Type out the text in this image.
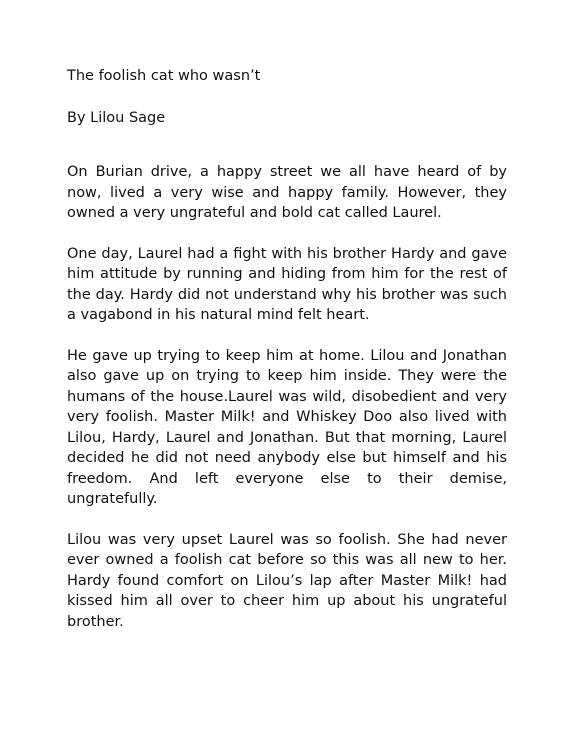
The foolish cat who wasn’t

By Lilou Sage

On Burian drive, a happy street we all have heard of by now, lived a very wise and happy family. However, they owned a very ungrateful and bold cat called Laurel.

One day, Laurel had a fight with his brother Hardy and gave him attitude by running and hiding from him for the rest of the day. Hardy did not understand why his brother was such a vagabond in his natural mind felt heart.

He gave up trying to keep him at home. Lilou and Jonathan also gave up on trying to keep him inside. They were the humans of the house.Laurel was wild, disobedient and very very foolish. Master Milk! and Whiskey Doo also lived with Lilou, Hardy, Laurel and Jonathan. But that morning, Laurel decided he did not need anybody else but himself and his freedom. And left everyone else to their demise, ungratefully.

Lilou was very upset Laurel was so foolish. She had never ever owned a foolish cat before so this was all new to her. Hardy found comfort on Lilou’s lap after Master Milk! had kissed him all over to cheer him up about his ungrateful brother.
